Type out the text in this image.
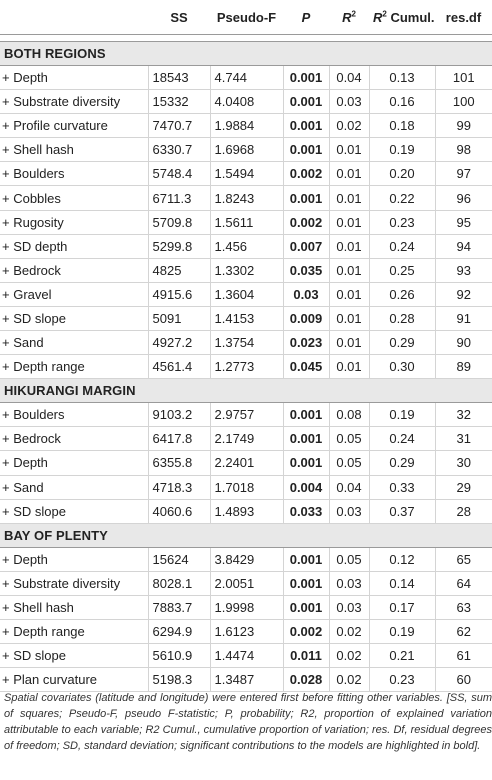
	SS	Pseudo-F	P	$R^2$	$R^2$ Cumul.	res.df

BOTH REGIONS						
+ Depth	18543	4.744	0.001	0.04	0.13	101
+ Substrate diversity	15332	4.0408	0.001	0.03	0.16	100
+ Profile curvature	7470.7	1.9884	0.001	0.02	0.18	99
+ Shell hash	6330.7	1.6968	0.001	0.01	0.19	98
+ Boulders	5748.4	1.5494	0.002	0.01	0.20	97
+ Cobbles	6711.3	1.8243	0.001	0.01	0.22	96
+ Rugosity	5709.8	1.5611	0.002	0.01	0.23	95
+ SD depth	5299.8	1.456	0.007	0.01	0.24	94
+ Bedrock	4825	1.3302	0.035	0.01	0.25	93
+ Gravel	4915.6	1.3604	0.03	0.01	0.26	92
+ SD slope	5091	1.4153	0.009	0.01	0.28	91
+ Sand	4927.2	1.3754	0.023	0.01	0.29	90
+ Depth range	4561.4	1.2773	0.045	0.01	0.30	89
HIKURANGI MARGIN						
+ Boulders	9103.2	2.9757	0.001	0.08	0.19	32
+ Bedrock	6417.8	2.1749	0.001	0.05	0.24	31
+ Depth	6355.8	2.2401	0.001	0.05	0.29	30
+ Sand	4718.3	1.7018	0.004	0.04	0.33	29
+ SD slope	4060.6	1.4893	0.033	0.03	0.37	28
BAY OF PLENTY						
+ Depth	15624	3.8429	0.001	0.05	0.12	65
+ Substrate diversity	8028.1	2.0051	0.001	0.03	0.14	64
+ Shell hash	7883.7	1.9998	0.001	0.03	0.17	63
+ Depth range	6294.9	1.6123	0.002	0.02	0.19	62
+ SD slope	5610.9	1.4474	0.011	0.02	0.21	61
+ Plan curvature	5198.3	1.3487	0.028	0.02	0.23	60

Spatial covariates (latitude and longitude) were entered first before fitting other variables. [SS, sum of squares; Pseudo-F, pseudo F-statistic; P, probability; R2, proportion of explained variation attributable to each variable; R2 Cumul., cumulative proportion of variation; res. Df, residual degrees of freedom; SD, standard deviation; significant contributions to the models are highlighted in bold].
